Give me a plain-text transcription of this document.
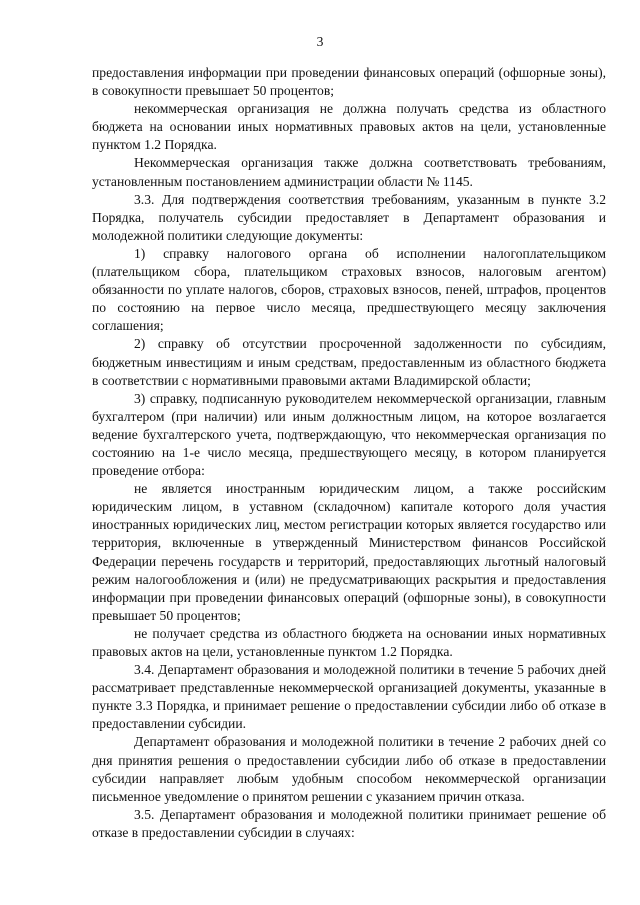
3

предоставления информации при проведении финансовых операций (офшорные зоны), в совокупности превышает 50 процентов;

некоммерческая организация не должна получать средства из областного бюджета на основании иных нормативных правовых актов на цели, установленные пунктом 1.2 Порядка.

Некоммерческая организация также должна соответствовать требованиям, установленным постановлением администрации области № 1145.

3.3. Для подтверждения соответствия требованиям, указанным в пункте 3.2 Порядка, получатель субсидии предоставляет в Департамент образования и молодежной политики следующие документы:

1) справку налогового органа об исполнении налогоплательщиком (плательщиком сбора, плательщиком страховых взносов, налоговым агентом) обязанности по уплате налогов, сборов, страховых взносов, пеней, штрафов, процентов по состоянию на первое число месяца, предшествующего месяцу заключения соглашения;

2) справку об отсутствии просроченной задолженности по субсидиям, бюджетным инвестициям и иным средствам, предоставленным из областного бюджета в соответствии с нормативными правовыми актами Владимирской области;

3) справку, подписанную руководителем некоммерческой организации, главным бухгалтером (при наличии) или иным должностным лицом, на которое возлагается ведение бухгалтерского учета, подтверждающую, что некоммерческая организация по состоянию на 1-е число месяца, предшествующего месяцу, в котором планируется проведение отбора:

не является иностранным юридическим лицом, а также российским юридическим лицом, в уставном (складочном) капитале которого доля участия иностранных юридических лиц, местом регистрации которых является государство или территория, включенные в утвержденный Министерством финансов Российской Федерации перечень государств и территорий, предоставляющих льготный налоговый режим налогообложения и (или) не предусматривающих раскрытия и предоставления информации при проведении финансовых операций (офшорные зоны), в совокупности превышает 50 процентов;

не получает средства из областного бюджета на основании иных нормативных правовых актов на цели, установленные пунктом 1.2 Порядка.

3.4. Департамент образования и молодежной политики в течение 5 рабочих дней рассматривает представленные некоммерческой организацией документы, указанные в пункте 3.3 Порядка, и принимает решение о предоставлении субсидии либо об отказе в предоставлении субсидии.

Департамент образования и молодежной политики в течение 2 рабочих дней со дня принятия решения о предоставлении субсидии либо об отказе в предоставлении субсидии направляет любым удобным способом некоммерческой организации письменное уведомление о принятом решении с указанием причин отказа.

3.5. Департамент образования и молодежной политики принимает решение об отказе в предоставлении субсидии в случаях:
